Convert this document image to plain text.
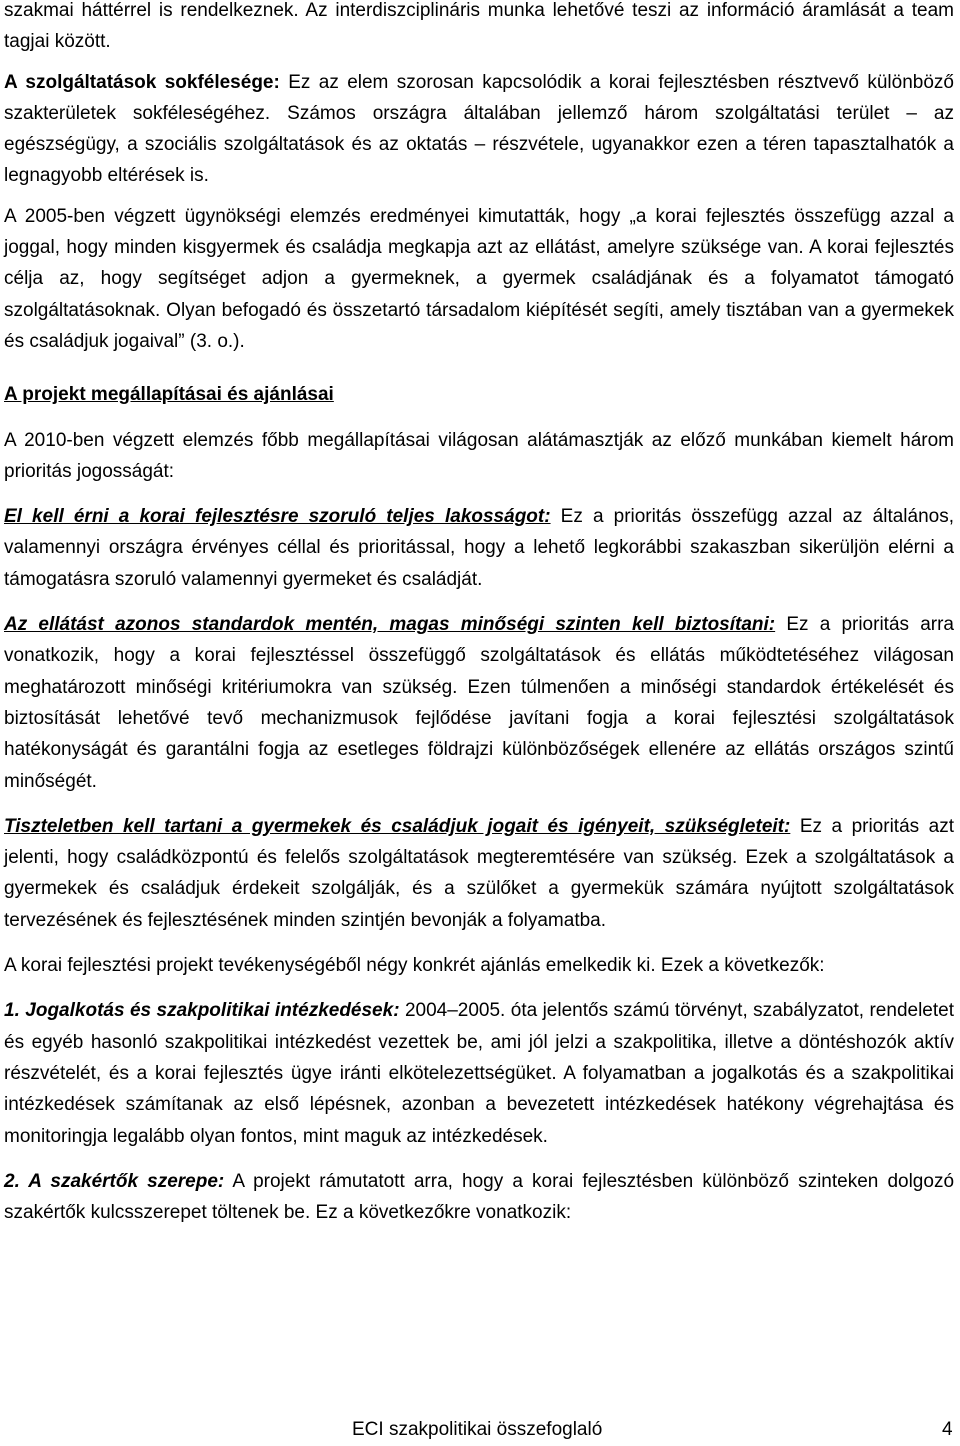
szakmai háttérrel is rendelkeznek. Az interdiszciplináris munka lehetővé teszi az információ áramlását a team tagjai között.

A szolgáltatások sokfélesége: Ez az elem szorosan kapcsolódik a korai fejlesztésben résztvevő különböző szakterületek sokféleségéhez. Számos országra általában jellemző három szolgáltatási terület – az egészségügy, a szociális szolgáltatások és az oktatás – részvétele, ugyanakkor ezen a téren tapasztalhatók a legnagyobb eltérések is.

A 2005-ben végzett ügynökségi elemzés eredményei kimutatták, hogy „a korai fejlesztés összefügg azzal a joggal, hogy minden kisgyermek és családja megkapja azt az ellátást, amelyre szüksége van. A korai fejlesztés célja az, hogy segítséget adjon a gyermeknek, a gyermek családjának és a folyamatot támogató szolgáltatásoknak. Olyan befogadó és összetartó társadalom kiépítését segíti, amely tisztában van a gyermekek és családjuk jogaival” (3. o.).

A projekt megállapításai és ajánlásai

A 2010-ben végzett elemzés főbb megállapításai világosan alátámasztják az előző munkában kiemelt három prioritás jogosságát:

El kell érni a korai fejlesztésre szoruló teljes lakosságot: Ez a prioritás összefügg azzal az általános, valamennyi országra érvényes céllal és prioritással, hogy a lehető legkorábbi szakaszban sikerüljön elérni a támogatásra szoruló valamennyi gyermeket és családját.

Az ellátást azonos standardok mentén, magas minőségi szinten kell biztosítani: Ez a prioritás arra vonatkozik, hogy a korai fejlesztéssel összefüggő szolgáltatások és ellátás működtetéséhez világosan meghatározott minőségi kritériumokra van szükség. Ezen túlmenően a minőségi standardok értékelését és biztosítását lehetővé tevő mechanizmusok fejlődése javítani fogja a korai fejlesztési szolgáltatások hatékonyságát és garantálni fogja az esetleges földrajzi különbözőségek ellenére az ellátás országos szintű minőségét.

Tiszteletben kell tartani a gyermekek és családjuk jogait és igényeit, szükségleteit: Ez a prioritás azt jelenti, hogy családközpontú és felelős szolgáltatások megteremtésére van szükség. Ezek a szolgáltatások a gyermekek és családjuk érdekeit szolgálják, és a szülőket a gyermekük számára nyújtott szolgáltatások tervezésének és fejlesztésének minden szintjén bevonják a folyamatba.

A korai fejlesztési projekt tevékenységéből négy konkrét ajánlás emelkedik ki. Ezek a következők:

1. Jogalkotás és szakpolitikai intézkedések: 2004–2005. óta jelentős számú törvényt, szabályzatot, rendeletet és egyéb hasonló szakpolitikai intézkedést vezettek be, ami jól jelzi a szakpolitika, illetve a döntéshozók aktív részvételét, és a korai fejlesztés ügye iránti elkötelezettségüket. A folyamatban a jogalkotás és a szakpolitikai intézkedések számítanak az első lépésnek, azonban a bevezetett intézkedések hatékony végrehajtása és monitoringja legalább olyan fontos, mint maguk az intézkedések.

2. A szakértők szerepe: A projekt rámutatott arra, hogy a korai fejlesztésben különböző szinteken dolgozó szakértők kulcsszerepet töltenek be. Ez a következőkre vonatkozik:

ECI szakpolitikai összefoglaló	4
